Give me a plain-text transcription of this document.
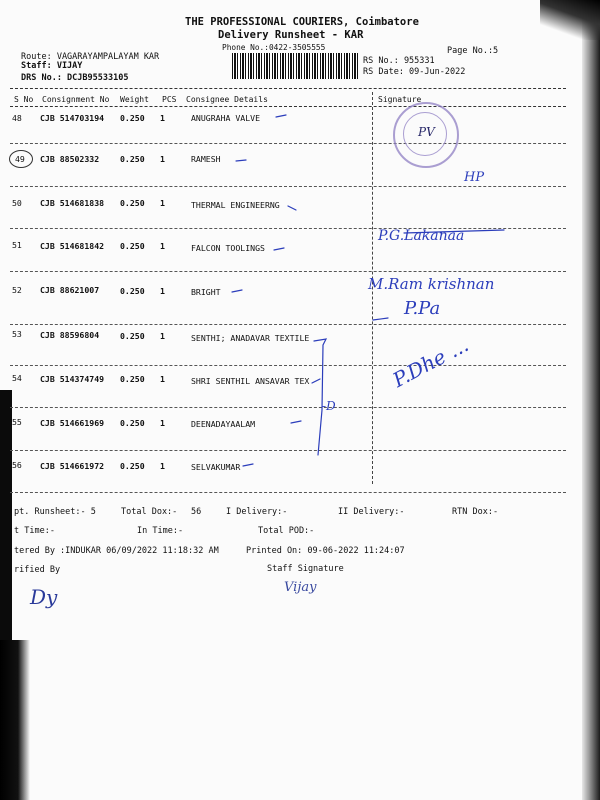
THE PROFESSIONAL COURIERS, Coimbatore
Delivery Runsheet - KAR
Phone No.:0422-3505555	Page No.:5
Route: VAGARAYAMPALAYAM KAR
Staff: VIJAY
DRS No.: DCJB95533105
RS No.: 955331
RS Date: 09-Jun-2022
S No Consignment No Weight PCS Consignee Details	Signature
48 CJB 514703194 0.250 1	ANUGRAHA VALVE
49 CJB 88502332	0.250 1	RAMESH
50 CJB 514681838 0.250 1	THERMAL ENGINEERNG
51 CJB 514681842 0.250 1	FALCON TOOLINGS
52 CJB 88621007	0.250 1	BRIGHT
53 CJB 88596804	0.250 1	SENTHI; ANADAVAR TEXTILE
54 CJB 514374749 0.250 1	SHRI SENTHIL ANSAVAR TEX
55 CJB 514661969 0.250 1	DEENADAYAALAM
56 CJB 514661972 0.250 1	SELVAKUMAR
pt. Runsheet:- 5	Total Dox:- 56	I Delivery:-	II Delivery:-	RTN Dox:-
t Time:-	In Time:-	Total POD:-
tered By :INDUKAR 06/09/2022 11:18:32 AM	Printed On: 09-06-2022 11:24:07
rified By	Staff Signature
PV
HP
P.G.Lakanaa
M.Ram krishnan
P.Pa
P.Dhe ...
-D
Dy	Vijay
